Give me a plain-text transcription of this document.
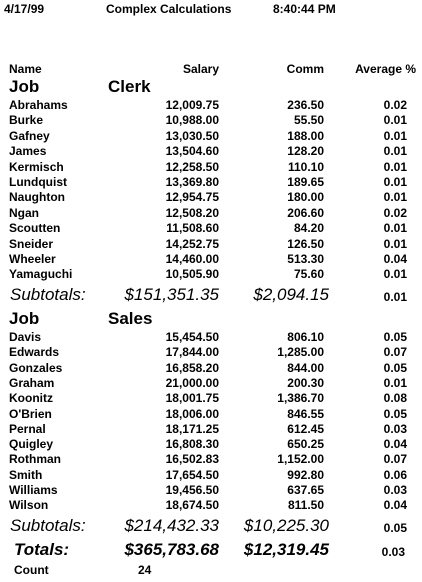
4/17/99	Complex Calculations	8:40:44 PM
Name	Salary	Comm	Average %
Job	Clerk
Abrahams	12,009.75	236.50	0.02
Burke	10,988.00	55.50	0.01
Gafney	13,030.50	188.00	0.01
James	13,504.60	128.20	0.01
Kermisch	12,258.50	110.10	0.01
Lundquist	13,369.80	189.65	0.01
Naughton	12,954.75	180.00	0.01
Ngan	12,508.20	206.60	0.02
Scoutten	11,508.60	84.20	0.01
Sneider	14,252.75	126.50	0.01
Wheeler	14,460.00	513.30	0.04
Yamaguchi	10,505.90	75.60	0.01
Subtotals: $151,351.35 $2,094.15	0.01
Job	Sales
Davis	15,454.50	806.10	0.05
Edwards	17,844.00	1,285.00	0.07
Gonzales	16,858.20	844.00	0.05
Graham	21,000.00	200.30	0.01
Koonitz	18,001.75	1,386.70	0.08
O'Brien	18,006.00	846.55	0.05
Pernal	18,171.25	612.45	0.03
Quigley	16,808.30	650.25	0.04
Rothman	16,502.83	1,152.00	0.07
Smith	17,654.50	992.80	0.06
Williams	19,456.50	637.65	0.03
Wilson	18,674.50	811.50	0.04
Subtotals: $214,432.33 $10,225.30	0.05
Totals:	$365,783.68 $12,319.45	0.03
Count	24
